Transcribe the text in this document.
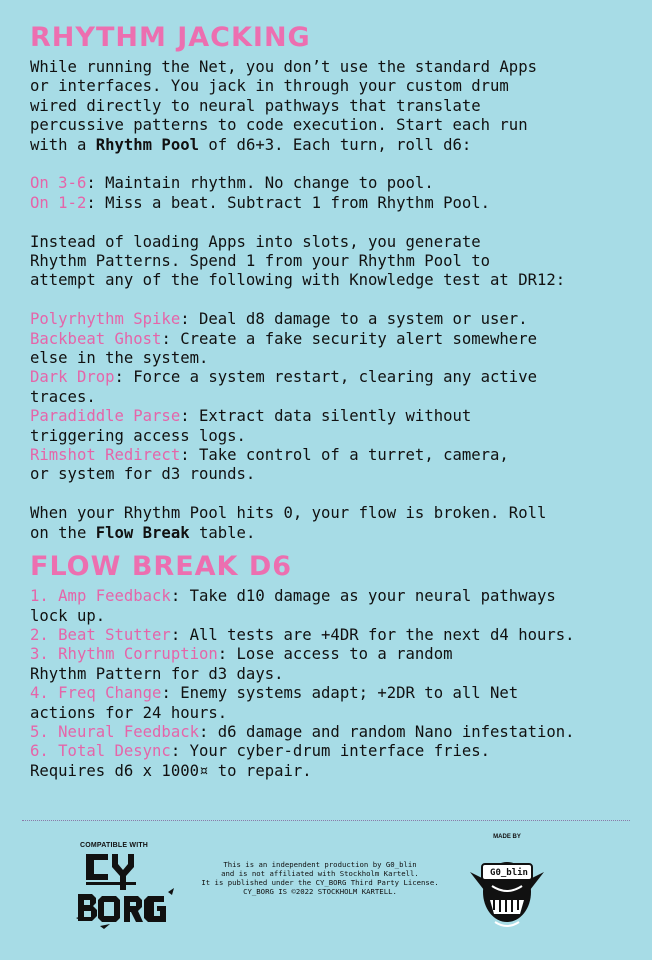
RHYTHM JACKING
While running the Net, you don’t use the standard Apps
or interfaces. You jack in through your custom drum
wired directly to neural pathways that translate
percussive patterns to code execution. Start each run
with a Rhythm Pool of d6+3. Each turn, roll d6:
On 3-6: Maintain rhythm. No change to pool.
On 1-2: Miss a beat. Subtract 1 from Rhythm Pool.
Instead of loading Apps into slots, you generate
Rhythm Patterns. Spend 1 from your Rhythm Pool to
attempt any of the following with Knowledge test at DR12:
Polyrhythm Spike: Deal d8 damage to a system or user.
Backbeat Ghost: Create a fake security alert somewhere
else in the system.
Dark Drop: Force a system restart, clearing any active
traces.
Paradiddle Parse: Extract data silently without
triggering access logs.
Rimshot Redirect: Take control of a turret, camera,
or system for d3 rounds.
When your Rhythm Pool hits 0, your flow is broken. Roll
on the Flow Break table.
FLOW BREAK D6
1. Amp Feedback: Take d10 damage as your neural pathways
lock up.
2. Beat Stutter: All tests are +4DR for the next d4 hours.
3. Rhythm Corruption: Lose access to a random
Rhythm Pattern for d3 days.
4. Freq Change: Enemy systems adapt; +2DR to all Net
actions for 24 hours.
5. Neural Feedback: d6 damage and random Nano infestation.
6. Total Desync: Your cyber-drum interface fries.
Requires d6 x 1000¤ to repair.
COMPATIBLE WITH
This is an independent production by G0_blin
and is not affiliated with Stockholm Kartell.
It is published under the CY_BORG Third Party License.
CY_BORG IS ©2022 STOCKHOLM KARTELL.
MADE BY
G0_blin
